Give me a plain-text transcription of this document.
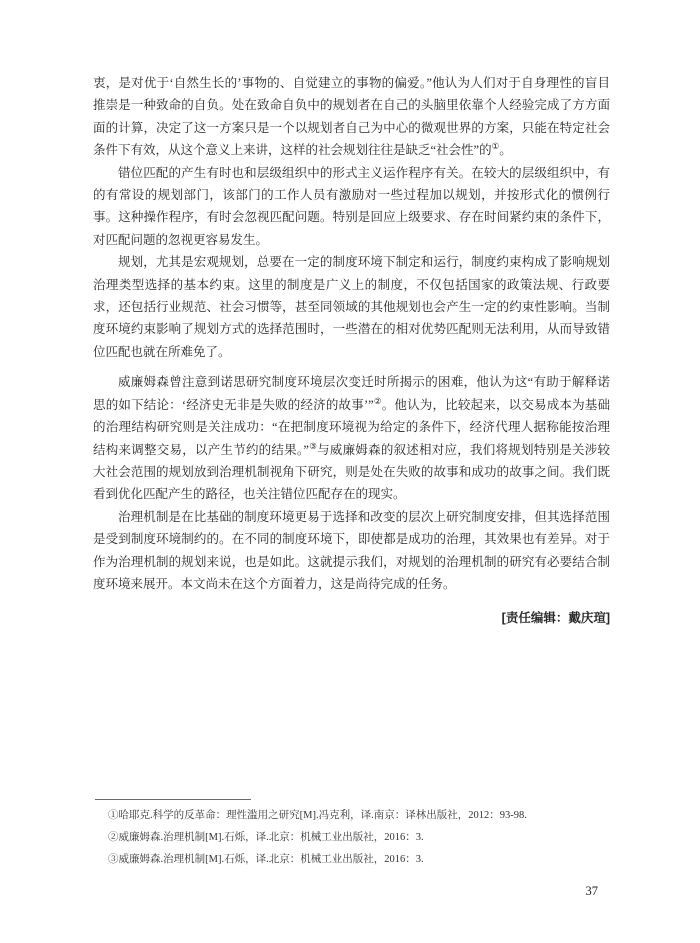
衷，是对优于‘自然生长的’事物的、自觉建立的事物的偏爱。”他认为人们对于自身理性的盲目推崇是一种致命的自负。处在致命自负中的规划者在自己的头脑里依靠个人经验完成了方方面面的计算，决定了这一方案只是一个以规划者自己为中心的微观世界的方案，只能在特定社会条件下有效，从这个意义上来讲，这样的社会规划往往是缺乏“社会性”的①。

错位匹配的产生有时也和层级组织中的形式主义运作程序有关。在较大的层级组织中，有的有常设的规划部门，该部门的工作人员有激励对一些过程加以规划，并按形式化的惯例行事。这种操作程序，有时会忽视匹配问题。特别是回应上级要求、存在时间紧约束的条件下，对匹配问题的忽视更容易发生。

规划，尤其是宏观规划，总要在一定的制度环境下制定和运行，制度约束构成了影响规划治理类型选择的基本约束。这里的制度是广义上的制度，不仅包括国家的政策法规、行政要求，还包括行业规范、社会习惯等，甚至同领域的其他规划也会产生一定的约束性影响。当制度环境约束影响了规划方式的选择范围时，一些潜在的相对优势匹配则无法利用，从而导致错位匹配也就在所难免了。

威廉姆森曾注意到诺思研究制度环境层次变迁时所揭示的困难，他认为这“有助于解释诺思的如下结论：‘经济史无非是失败的经济的故事’”②。他认为，比较起来，以交易成本为基础的治理结构研究则是关注成功：“在把制度环境视为给定的条件下，经济代理人据称能按治理结构来调整交易，以产生节约的结果。”③与威廉姆森的叙述相对应，我们将规划特别是关涉较大社会范围的规划放到治理机制视角下研究，则是处在失败的故事和成功的故事之间。我们既看到优化匹配产生的路径，也关注错位匹配存在的现实。

治理机制是在比基础的制度环境更易于选择和改变的层次上研究制度安排，但其选择范围是受到制度环境制约的。在不同的制度环境下，即使都是成功的治理，其效果也有差异。对于作为治理机制的规划来说，也是如此。这就提示我们，对规划的治理机制的研究有必要结合制度环境来展开。本文尚未在这个方面着力，这是尚待完成的任务。

[责任编辑：戴庆瑄]
①哈耶克.科学的反革命：理性滥用之研究[M].冯克利，译.南京：译林出版社，2012：93-98.
②威廉姆森.治理机制[M].石烁，译.北京：机械工业出版社，2016：3.
③威廉姆森.治理机制[M].石烁，译.北京：机械工业出版社，2016：3.
37
